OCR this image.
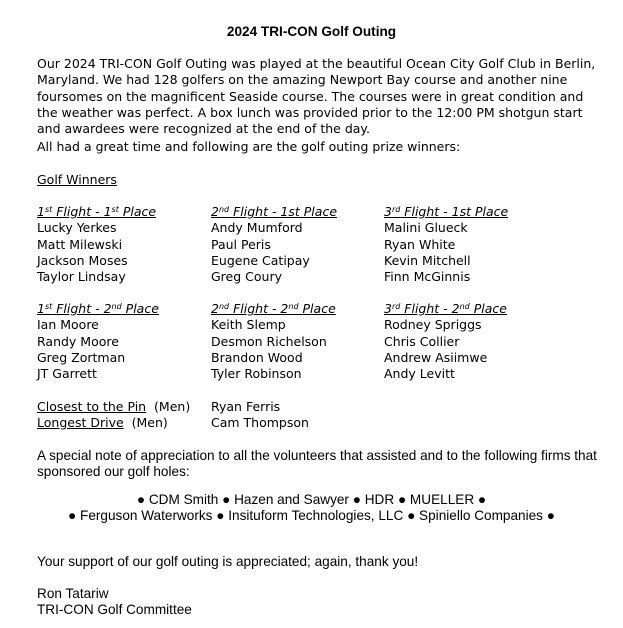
2024 TRI-CON Golf Outing
Our 2024 TRI-CON Golf Outing was played at the beautiful Ocean City Golf Club in Berlin, Maryland. We had 128 golfers on the amazing Newport Bay course and another nine foursomes on the magnificent Seaside course. The courses were in great condition and the weather was perfect. A box lunch was provided prior to the 12:00 PM shotgun start and awardees were recognized at the end of the day.
All had a great time and following are the golf outing prize winners:
Golf Winners
1st Flight - 1st Place
Lucky Yerkes
Matt Milewski
Jackson Moses
Taylor Lindsay
2nd Flight - 1st Place
Andy Mumford
Paul Peris
Eugene Catipay
Greg Coury
3rd Flight - 1st Place
Malini Glueck
Ryan White
Kevin Mitchell
Finn McGinnis
1st Flight - 2nd Place
Ian Moore
Randy Moore
Greg Zortman
JT Garrett
2nd Flight - 2nd Place
Keith Slemp
Desmon Richelson
Brandon Wood
Tyler Robinson
3rd Flight - 2nd Place
Rodney Spriggs
Chris Collier
Andrew Asiimwe
Andy Levitt
Closest to the Pin  (Men) Ryan Ferris
Longest Drive  (Men)	Cam Thompson
A special note of appreciation to all the volunteers that assisted and to the following firms that sponsored our golf holes:
● CDM Smith ● Hazen and Sawyer ● HDR ● MUELLER ●
● Ferguson Waterworks ● Insituform Technologies, LLC ● Spiniello Companies ●
Your support of our golf outing is appreciated; again, thank you!
Ron Tatariw
TRI-CON Golf Committee
